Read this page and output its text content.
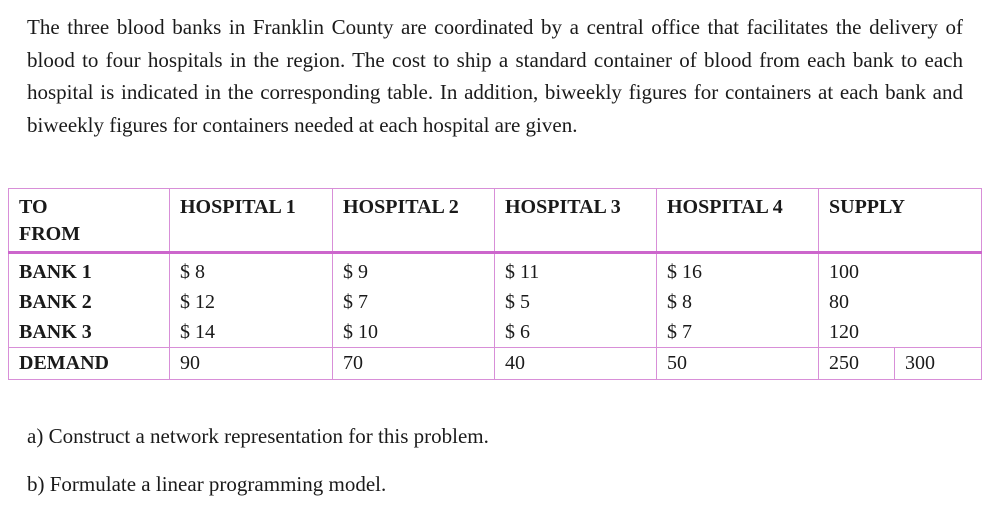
The three blood banks in Franklin County are coordinated by a central office that facilitates the delivery of blood to four hospitals in the region. The cost to ship a standard container of blood from each bank to each hospital is indicated in the corresponding table. In addition, biweekly figures for containers at each bank and biweekly figures for containers needed at each hospital are given.

TO
FROM	HOSPITAL 1	HOSPITAL 2	HOSPITAL 3	HOSPITAL 4	SUPPLY	
BANK 1	$ 8	$ 9	$ 11	$ 16	100	
BANK 2	$ 12	$ 7	$ 5	$ 8	80	
BANK 3	$ 14	$ 10	$ 6	$ 7	120	
DEMAND	90	70	40	50	250	300

a) Construct a network representation for this problem.

b) Formulate a linear programming model.
